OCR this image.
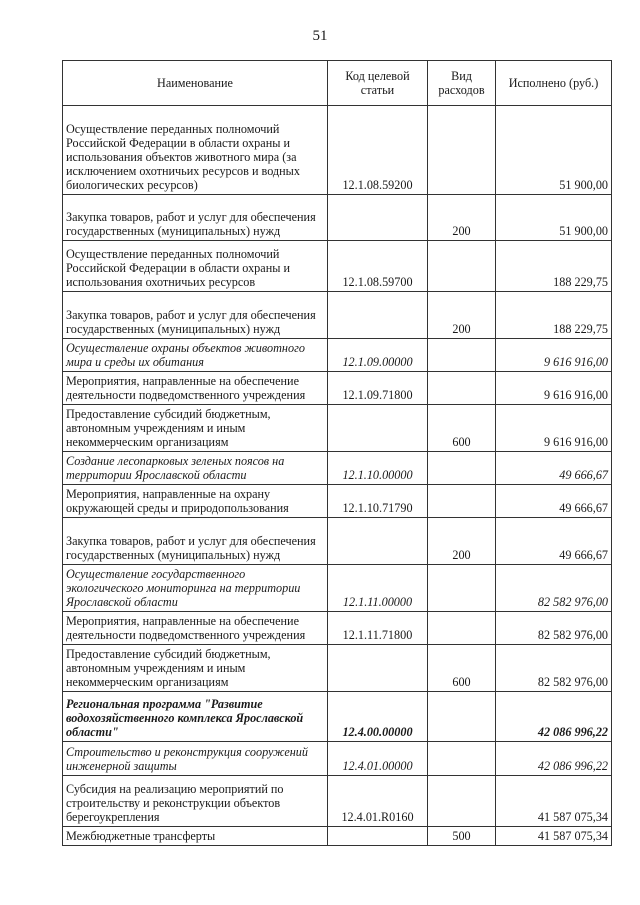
51
Наименование	Код целевой статьи	Вид расходов	Исполнено (руб.)
Осуществление переданных полномочий Российской Федерации в области охраны и использования объектов животного мира (за исключением охотничьих ресурсов и водных биологических ресурсов)	12.1.08.59200		51 900,00
Закупка товаров, работ и услуг для обеспечения государственных (муниципальных) нужд		200	51 900,00
Осуществление переданных полномочий Российской Федерации в области охраны и использования охотничьих ресурсов	12.1.08.59700		188 229,75
Закупка товаров, работ и услуг для обеспечения государственных (муниципальных) нужд		200	188 229,75
Осуществление охраны объектов животного мира и среды их обитания	12.1.09.00000		9 616 916,00
Мероприятия, направленные на обеспечение деятельности подведомственного учреждения	12.1.09.71800		9 616 916,00
Предоставление субсидий бюджетным, автономным учреждениям и иным некоммерческим организациям		600	9 616 916,00
Создание лесопарковых зеленых поясов на территории Ярославской области	12.1.10.00000		49 666,67
Мероприятия, направленные на охрану окружающей среды и природопользования	12.1.10.71790		49 666,67
Закупка товаров, работ и услуг для обеспечения государственных (муниципальных) нужд		200	49 666,67
Осуществление государственного экологического мониторинга на территории Ярославской области	12.1.11.00000		82 582 976,00
Мероприятия, направленные на обеспечение деятельности подведомственного учреждения	12.1.11.71800		82 582 976,00
Предоставление субсидий бюджетным, автономным учреждениям и иным некоммерческим организациям		600	82 582 976,00
Региональная программа "Развитие водохозяйственного комплекса Ярославской области"	12.4.00.00000		42 086 996,22
Строительство и реконструкция сооружений инженерной защиты	12.4.01.00000		42 086 996,22
Субсидия на реализацию мероприятий по строительству и реконструкции объектов берегоукрепления	12.4.01.R0160		41 587 075,34
Межбюджетные трансферты		500	41 587 075,34
